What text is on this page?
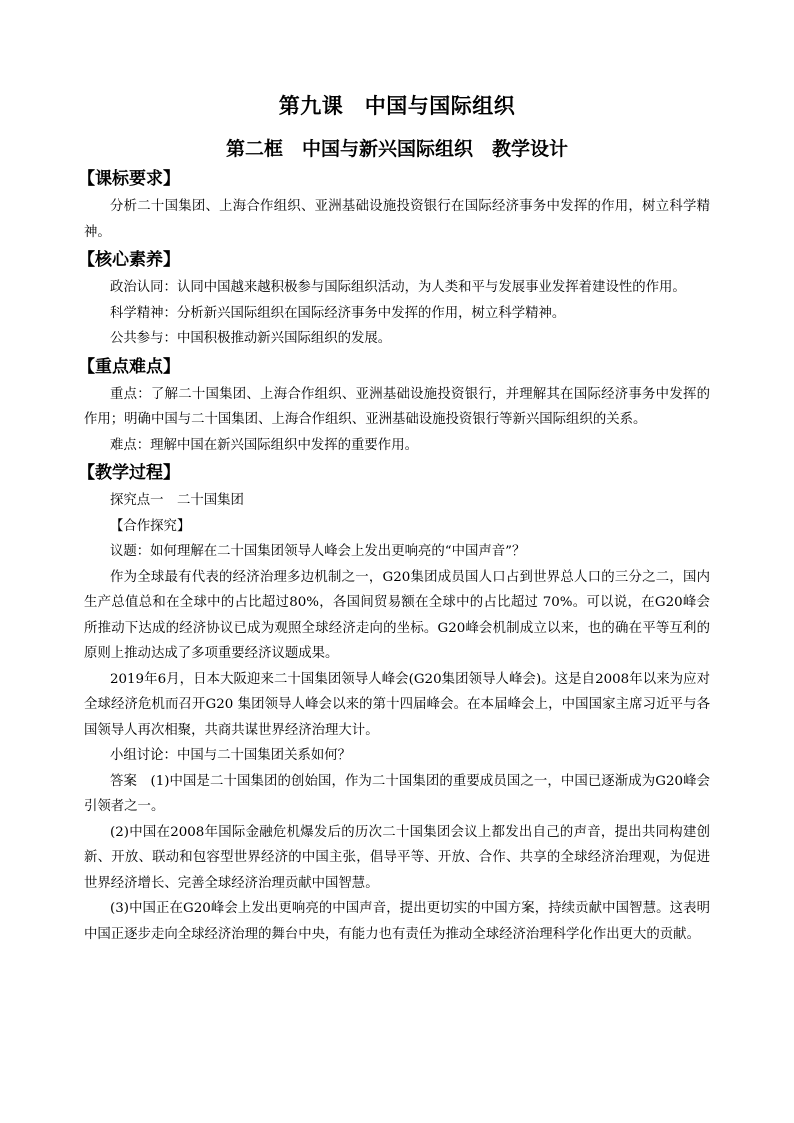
第九课　中国与国际组织
第二框　中国与新兴国际组织　教学设计
【课标要求】

分析二十国集团、上海合作组织、亚洲基础设施投资银行在国际经济事务中发挥的作用，树立科学精神。

【核心素养】

政治认同：认同中国越来越积极参与国际组织活动，为人类和平与发展事业发挥着建设性的作用。

科学精神：分析新兴国际组织在国际经济事务中发挥的作用，树立科学精神。

公共参与：中国积极推动新兴国际组织的发展。

【重点难点】

重点：了解二十国集团、上海合作组织、亚洲基础设施投资银行，并理解其在国际经济事务中发挥的作用；明确中国与二十国集团、上海合作组织、亚洲基础设施投资银行等新兴国际组织的关系。

难点：理解中国在新兴国际组织中发挥的重要作用。

【教学过程】

探究点一　二十国集团

【合作探究】

议题：如何理解在二十国集团领导人峰会上发出更响亮的“中国声音”？

作为全球最有代表的经济治理多边机制之一，G20集团成员国人口占到世界总人口的三分之二，国内生产总值总和在全球中的占比超过80%，各国间贸易额在全球中的占比超过 70%。可以说，在G20峰会所推动下达成的经济协议已成为观照全球经济走向的坐标。G20峰会机制成立以来，也的确在平等互利的原则上推动达成了多项重要经济议题成果。

2019年6月，日本大阪迎来二十国集团领导人峰会(G20集团领导人峰会)。这是自2008年以来为应对全球经济危机而召开G20 集团领导人峰会以来的第十四届峰会。在本届峰会上，中国国家主席习近平与各国领导人再次相聚，共商共谋世界经济治理大计。

小组讨论：中国与二十国集团关系如何？

答案　(1)中国是二十国集团的创始国，作为二十国集团的重要成员国之一，中国已逐渐成为G20峰会引领者之一。

(2)中国在2008年国际金融危机爆发后的历次二十国集团会议上都发出自己的声音，提出共同构建创新、开放、联动和包容型世界经济的中国主张，倡导平等、开放、合作、共享的全球经济治理观，为促进世界经济增长、完善全球经济治理贡献中国智慧。

(3)中国正在G20峰会上发出更响亮的中国声音，提出更切实的中国方案，持续贡献中国智慧。这表明中国正逐步走向全球经济治理的舞台中央，有能力也有责任为推动全球经济治理科学化作出更大的贡献。
